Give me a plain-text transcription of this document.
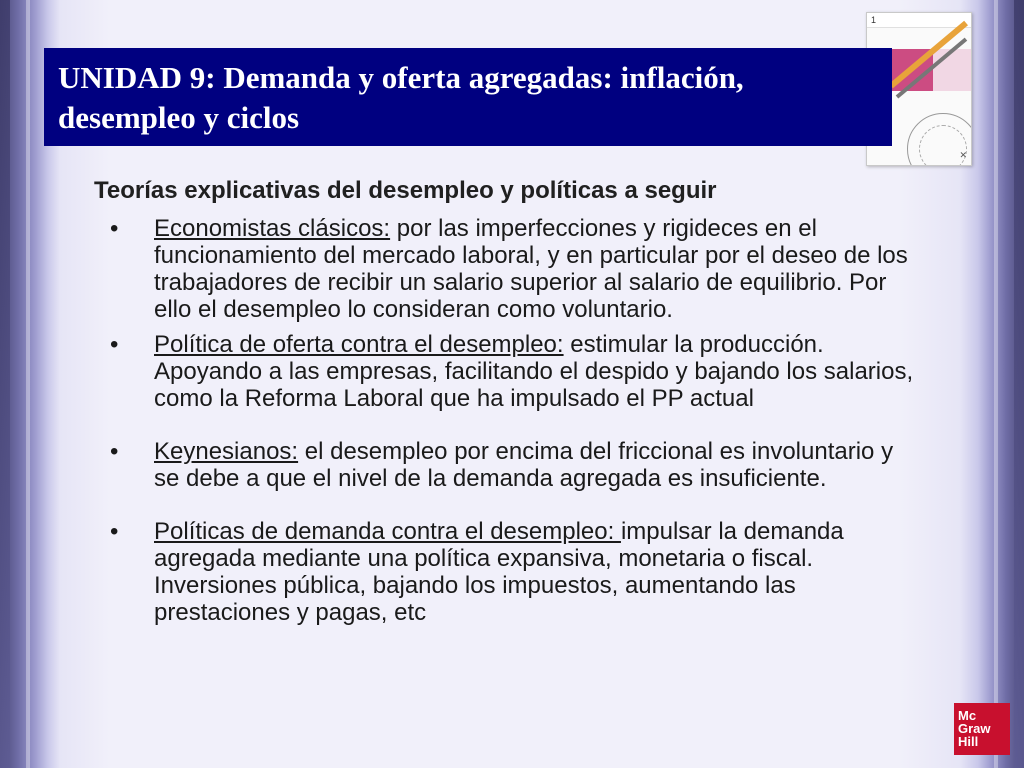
1
✕
UNIDAD 9: Demanda y oferta agregadas: inflación, desempleo y ciclos
Teorías explicativas del desempleo y políticas a seguir
• Economistas clásicos: por las imperfecciones y rigideces en el funcionamiento del mercado laboral, y en particular por el deseo de los trabajadores de recibir un salario superior al salario de equilibrio. Por ello el desempleo lo consideran como voluntario.
• Política de oferta contra el desempleo: estimular la producción. Apoyando a las empresas, facilitando el despido y bajando los salarios, como la Reforma Laboral que ha impulsado el PP actual
• Keynesianos: el desempleo por encima del friccional es involuntario y se debe a que el nivel de la demanda agregada es insuficiente.
• Políticas de demanda contra el desempleo: impulsar la demanda agregada mediante una política expansiva, monetaria o fiscal. Inversiones pública, bajando los impuestos, aumentando las prestaciones y pagas, etc
Mc
Graw
Hill
